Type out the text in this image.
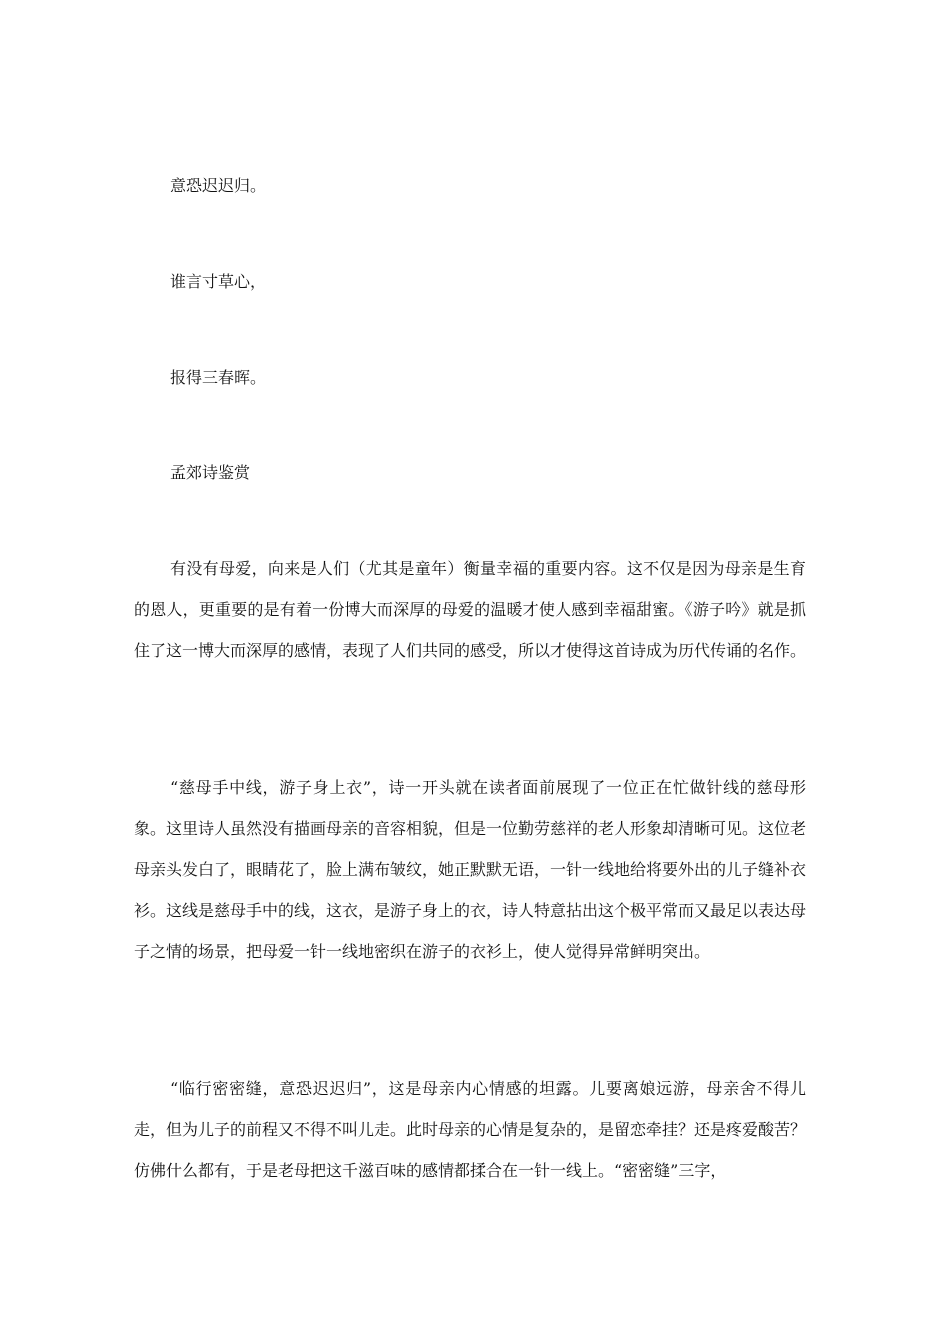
意恐迟迟归。
谁言寸草心，
报得三春晖。
孟郊诗鉴赏

有没有母爱，向来是人们（尤其是童年）衡量幸福的重要内容。这不仅是因为母亲是生育的恩人，更重要的是有着一份博大而深厚的母爱的温暖才使人感到幸福甜蜜。《游子吟》就是抓住了这一博大而深厚的感情，表现了人们共同的感受，所以才使得这首诗成为历代传诵的名作。

“慈母手中线，游子身上衣”，诗一开头就在读者面前展现了一位正在忙做针线的慈母形象。这里诗人虽然没有描画母亲的音容相貌，但是一位勤劳慈祥的老人形象却清晰可见。这位老母亲头发白了，眼睛花了，脸上满布皱纹，她正默默无语，一针一线地给将要外出的儿子缝补衣衫。这线是慈母手中的线，这衣，是游子身上的衣，诗人特意拈出这个极平常而又最足以表达母子之情的场景，把母爱一针一线地密织在游子的衣衫上，使人觉得异常鲜明突出。

“临行密密缝，意恐迟迟归”，这是母亲内心情感的坦露。儿要离娘远游，母亲舍不得儿走，但为儿子的前程又不得不叫儿走。此时母亲的心情是复杂的，是留恋牵挂？还是疼爱酸苦？仿佛什么都有，于是老母把这千滋百味的感情都揉合在一针一线上。“密密缝”三字，
